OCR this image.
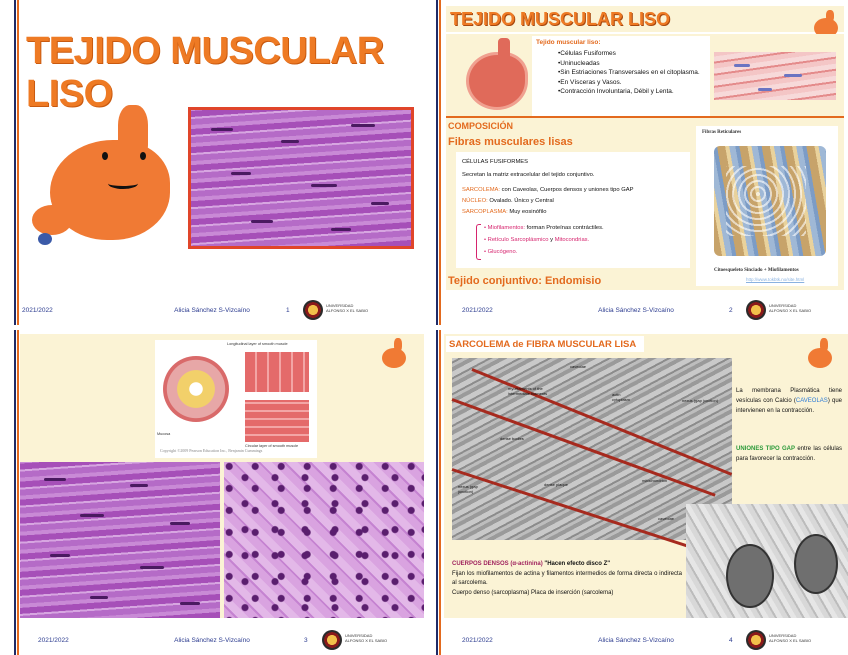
TEJIDO MUSCULAR LISO
2021/2022	Alicia Sánchez S-Vizcaíno	1
UNIVERSIDAD
ALFONSO X EL SABIO
TEJIDO MUSCULAR LISO
Tejido muscular liso:
•Células Fusiformes
•Uninucleadas
•Sin Estriaciones Transversales en el citoplasma.
•En Vísceras y Vasos.
•Contracción Involuntaria, Débil y Lenta.
COMPOSICIÓN
Fibras musculares lisas
CÉLULAS FUSIFORMES
Secretan la matriz extracelular del tejido conjuntivo.
SARCOLEMA: con Caveolas, Cuerpos densos y uniones tipo GAP
NÚCLEO: Ovalado. Único y Central
SARCOPLASMA: Muy eosinófilo
• Miofilamentos: forman Proteínas contráctiles.
• Retículo Sarcoplásmico y Mitocondrias.
• Glucógeno.
Fibras Reticulares
Citoesqueleto Sinciado + Miofilamentos
http://www.tokbtk.no/site.html
Tejido conjuntivo: Endomisio
2021/2022	Alicia Sánchez S-Vizcaíno	2
UNIVERSIDAD
ALFONSO X EL SABIO
Longitudinal layer of smooth muscle
Mucosa
Circular layer of smooth muscle
Copyright ©2009 Pearson Education Inc., Benjamin Cummings
2021/2022	Alicia Sánchez S-Vizcaíno	3
UNIVERSIDAD
ALFONSO X EL SABIO
SARCOLEMA de FIBRA MUSCULAR LISA
caveolae
myofilaments of the intermediate filaments	actin cytoplasm	nexus (gap junction)
dense bodies
nexus (gap junction)
dense plaque
mitochondrion
caveolae
La membrana Plasmática tiene vesículas con Calcio (CAVEOLAS) que intervienen en la contracción.
UNIONES TIPO GAP entre las células para favorecer la contracción.
CUERPOS DENSOS (α-actinina) "Hacen efecto disco Z"
Fijan los miofilamentos de actina y filamentos intermedios de forma directa o indirecta al sarcolema.
Cuerpo denso (sarcoplasma) Placa de inserción (sarcolema)
2021/2022	Alicia Sánchez S-Vizcaíno	4
UNIVERSIDAD
ALFONSO X EL SABIO
